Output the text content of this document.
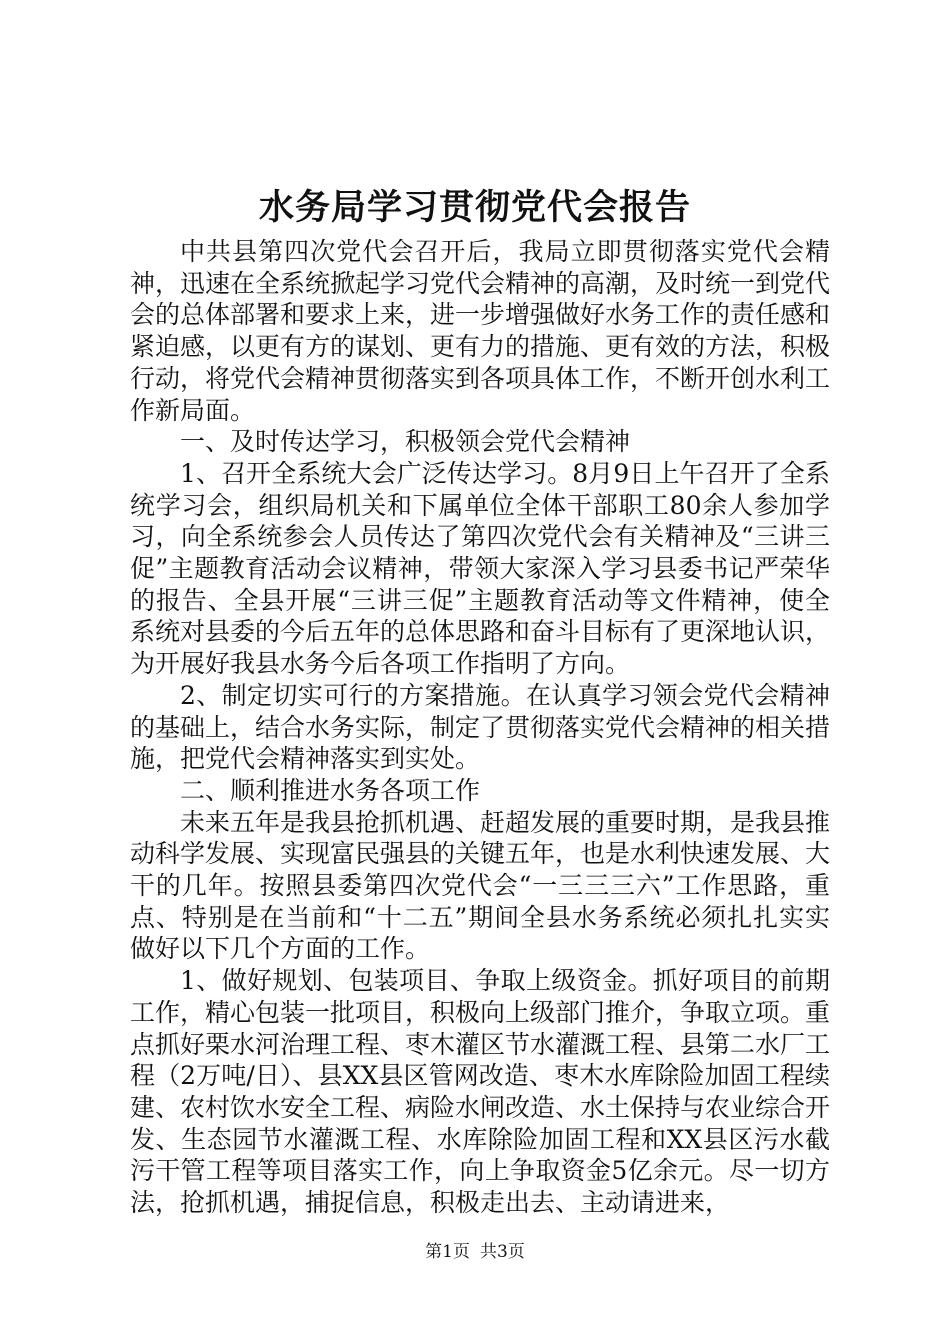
水务局学习贯彻党代会报告

中共县第四次党代会召开后，我局立即贯彻落实党代会精神，迅速在全系统掀起学习党代会精神的高潮，及时统一到党代会的总体部署和要求上来，进一步增强做好水务工作的责任感和紧迫感，以更有方的谋划、更有力的措施、更有效的方法，积极行动，将党代会精神贯彻落实到各项具体工作，不断开创水利工作新局面。

一、及时传达学习，积极领会党代会精神

1、召开全系统大会广泛传达学习。8月9日上午召开了全系统学习会，组织局机关和下属单位全体干部职工80余人参加学习，向全系统参会人员传达了第四次党代会有关精神及“三讲三促”主题教育活动会议精神，带领大家深入学习县委书记严荣华的报告、全县开展“三讲三促”主题教育活动等文件精神，使全系统对县委的今后五年的总体思路和奋斗目标有了更深地认识，为开展好我县水务今后各项工作指明了方向。

2、制定切实可行的方案措施。在认真学习领会党代会精神的基础上，结合水务实际，制定了贯彻落实党代会精神的相关措施，把党代会精神落实到实处。

二、顺利推进水务各项工作

未来五年是我县抢抓机遇、赶超发展的重要时期，是我县推动科学发展、实现富民强县的关键五年，也是水利快速发展、大干的几年。按照县委第四次党代会“一三三三六”工作思路，重点、特别是在当前和“十二五”期间全县水务系统必须扎扎实实做好以下几个方面的工作。

1、做好规划、包装项目、争取上级资金。抓好项目的前期工作，精心包装一批项目，积极向上级部门推介，争取立项。重点抓好栗水河治理工程、枣木灌区节水灌溉工程、县第二水厂工程（2万吨/日）、县XX县区管网改造、枣木水库除险加固工程续建、农村饮水安全工程、病险水闸改造、水土保持与农业综合开发、生态园节水灌溉工程、水库除险加固工程和XX县区污水截污干管工程等项目落实工作，向上争取资金5亿余元。尽一切方法，抢抓机遇，捕捉信息，积极走出去、主动请进来，

第1页 共3页
